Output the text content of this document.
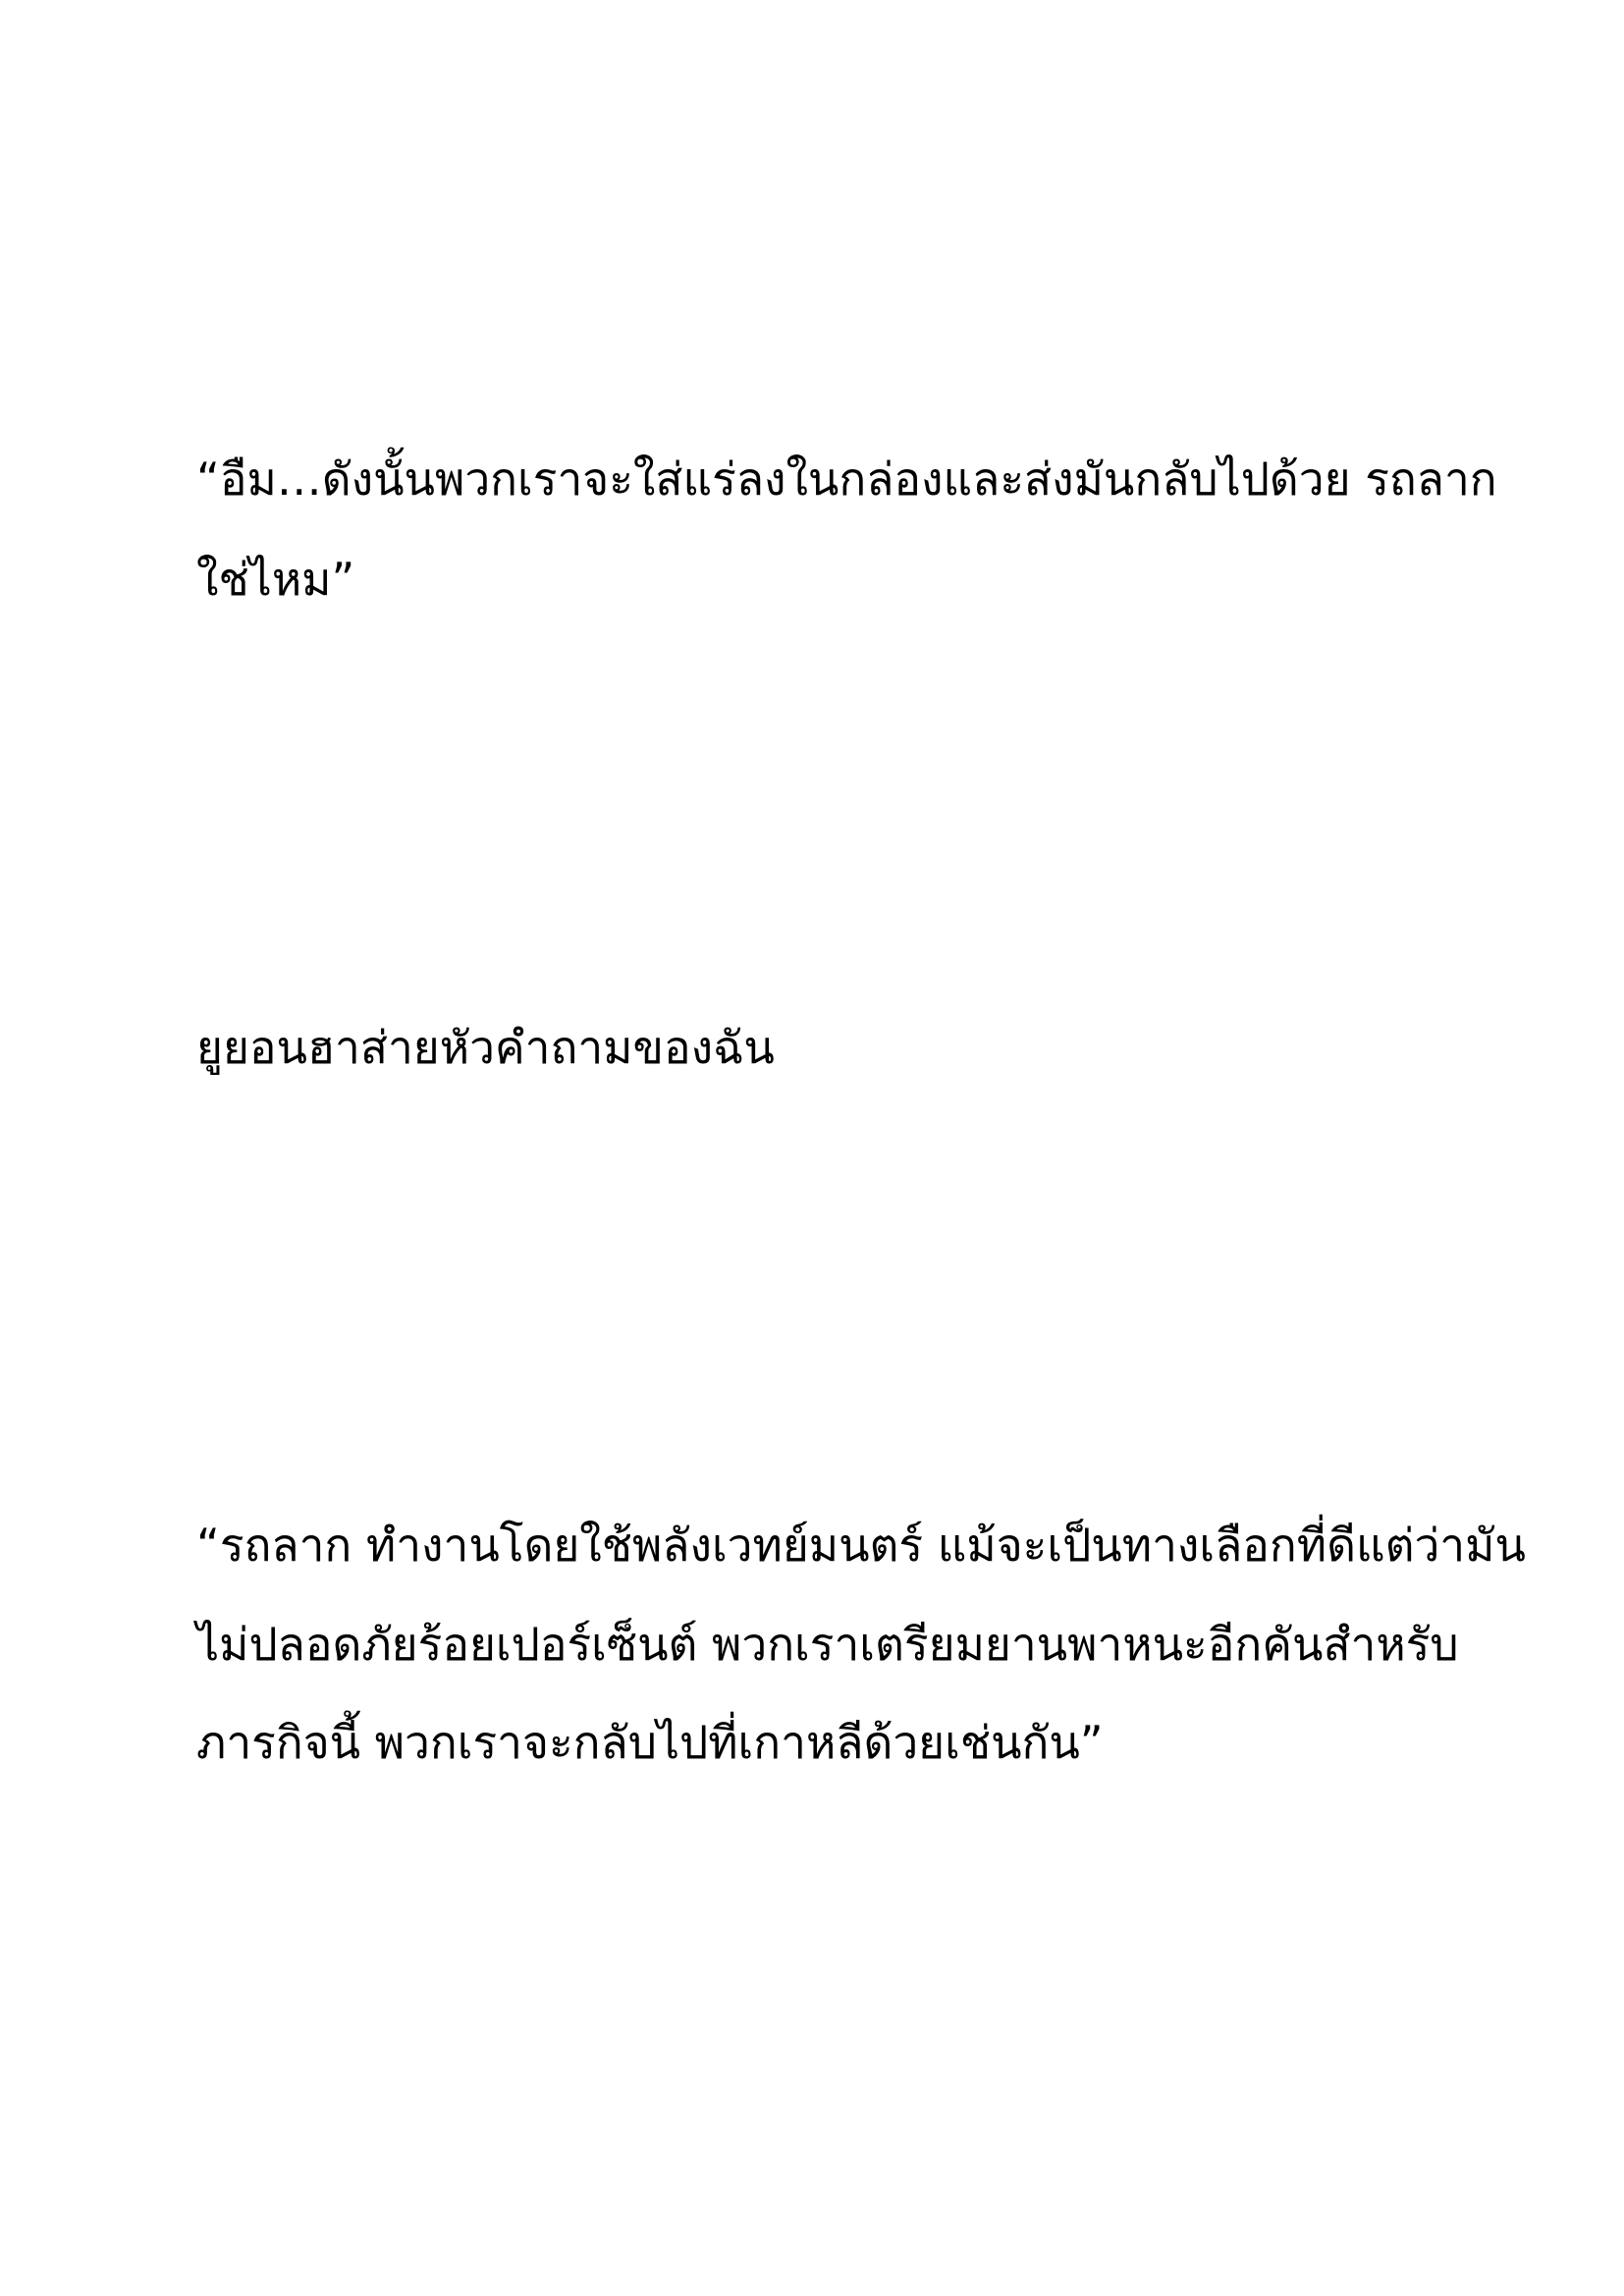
“อืม…ดังนั้นพวกเราจะใส่แร่ลงในกล่องและส่งมันกลับไปด้วย รถลาก

ใช่ไหม”

ยูยอนฮาส่ายหัวคำถามของฉัน

“รถลาก ทำงานโดยใช้พลังเวทย์มนตร์ แม้จะเป็นทางเลือกที่ดีแต่ว่ามัน

ไม่ปลอดภัยร้อยเปอร์เซ็นต์ พวกเราเตรียมยานพาหนะอีกคันสำหรับ

ภารกิจนี้ พวกเราจะกลับไปที่เกาหลีด้วยเช่นกัน”
